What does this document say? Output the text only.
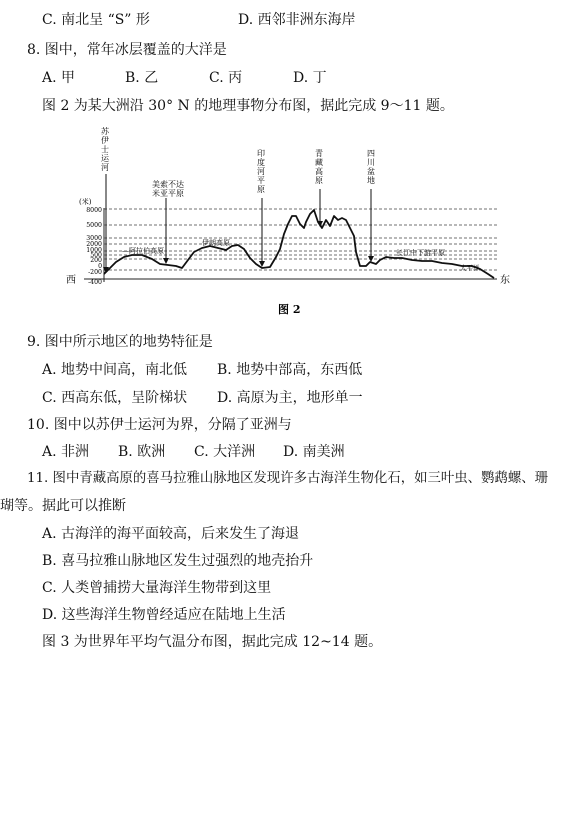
C. 南北呈 “S” 形	D. 西邻非洲东海岸
8. 图中，常年冰层覆盖的大洋是
A. 甲	B. 乙	C. 丙	D. 丁
图 2 为某大洲沿 30° N 的地理事物分布图，据此完成 9～11 题。
(米)
8000
5000
3000
2000
1000
500
200
0
-200
-400
西	东
苏伊士运河
美索不达
米亚平原
印度河平原
青藏高原
四川盆地
—阿拉伯高原
伊朗高原
长江中下游平原
太平洋
图 2
9. 图中所示地区的地势特征是
A. 地势中间高，南北低 B. 地势中部高，东西低
C. 西高东低，呈阶梯状 D. 高原为主，地形单一
10. 图中以苏伊士运河为界，分隔了亚洲与
A. 非洲 B. 欧洲 C. 大洋洲 D. 南美洲
11. 图中青藏高原的喜马拉雅山脉地区发现许多古海洋生物化石，如三叶虫、鹦鹉螺、珊
瑚等。据此可以推断
A. 古海洋的海平面较高，后来发生了海退
B. 喜马拉雅山脉地区发生过强烈的地壳抬升
C. 人类曾捕捞大量海洋生物带到这里
D. 这些海洋生物曾经适应在陆地上生活
图 3 为世界年平均气温分布图，据此完成 12~14 题。
